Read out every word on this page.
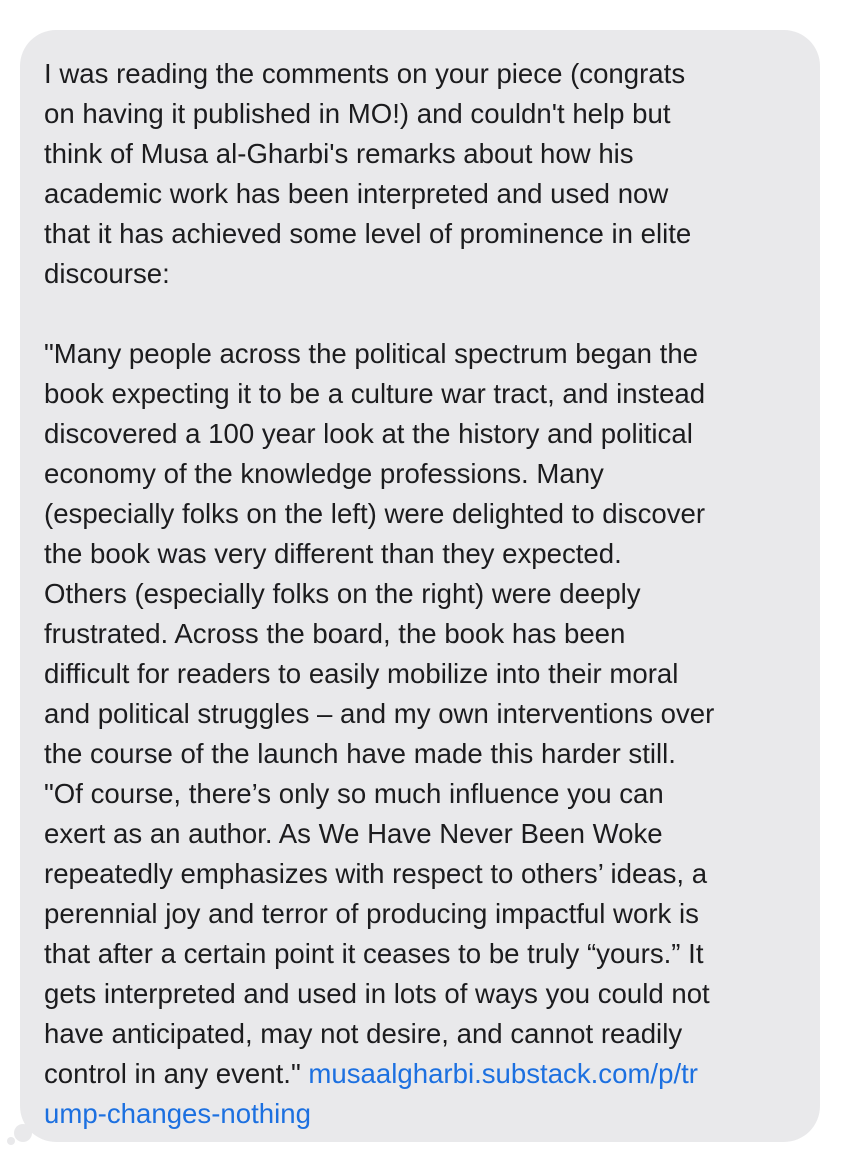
I was reading the comments on your piece (congrats
on having it published in MO!) and couldn't help but
think of Musa al-Gharbi's remarks about how his
academic work has been interpreted and used now
that it has achieved some level of prominence in elite
discourse:

"Many people across the political spectrum began the
book expecting it to be a culture war tract, and instead
discovered a 100 year look at the history and political
economy of the knowledge professions. Many
(especially folks on the left) were delighted to discover
the book was very different than they expected.
Others (especially folks on the right) were deeply
frustrated. Across the board, the book has been
difficult for readers to easily mobilize into their moral
and political struggles – and my own interventions over
the course of the launch have made this harder still.
"Of course, there’s only so much influence you can
exert as an author. As We Have Never Been Woke
repeatedly emphasizes with respect to others’ ideas, a
perennial joy and terror of producing impactful work is
that after a certain point it ceases to be truly “yours.” It
gets interpreted and used in lots of ways you could not
have anticipated, may not desire, and cannot readily
control in any event." musaalgharbi.substack.com/p/tr
ump-changes-nothing
